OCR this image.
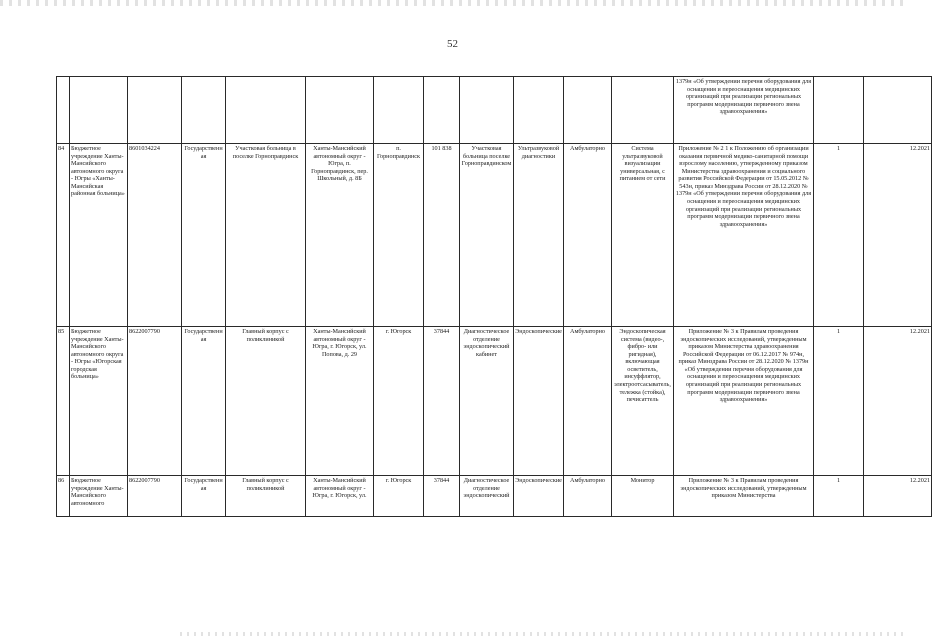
52
												1379н «Об утверждении перечня оборудования для оснащения и переоснащения медицинских организаций при реализации региональных программ модернизации первичного звена здравоохранения»		
84	Бюджетное учреждение Ханты-Мансийского автономного округа - Югры «Ханты-Мансийская районная больница»	8601034224	Государственная	Участковая больница в поселке Горноправдинск	Ханты-Мансийский автономный округ - Югра, п. Горноправдинск, пер. Школьный, д. 8Б	п. Горноправдинск	101 838	Участковая больница поселке Горноправдинском	Ультразвуковой диагностики	Амбулаторно	Система ультразвуковой визуализации универсальная, с питанием от сети	Приложение № 2 1 к Положению об организации оказания первичной медико-санитарной помощи взрослому населению, утвержденному приказом Министерства здравоохранения и социального развития Российской Федерации от 15.05.2012 № 543н, приказ Минздрава России от 28.12.2020 № 1379н «Об утверждении перечня оборудования для оснащения и переоснащения медицинских организаций при реализации региональных программ модернизации первичного звена здравоохранения»	1	12.2021
85	Бюджетное учреждение Ханты-Мансийского автономного округа - Югры «Югорская городская больница»	8622007790	Государственная	Главный корпус с поликлиникой	Ханты-Мансийский автономный округ - Югра, г. Югорск, ул. Попова, д. 29	г. Югорск	37844	Диагностическое отделение эндоскопический кабинет	Эндоскопические	Амбулаторно	Эндоскопическая система (видео-, фибро- или ригидная), включающая осветитель, инсуффлятор, электроотсасыватель, тележка (стойка), печисаттель	Приложение № 3 к Правилам проведения эндоскопических исследований, утвержденным приказом Министерства здравоохранения Российской Федерации от 06.12.2017 № 974н, приказ Минздрава России от 28.12.2020 № 1379н «Об утверждении перечня оборудования для оснащения и переоснащения медицинских организаций при реализации региональных программ модернизации первичного звена здравоохранения»	1	12.2021

86	Бюджетное учреждение Ханты-Мансийского автономного	8622007790	Государственная	Главный корпус с поликлиникой	Ханты-Мансийский автономный округ - Югра, г. Югорск, ул.	г. Югорск	37844	Диагностическое отделение эндоскопический	Эндоскопические	Амбулаторно	Монитор	Приложение № 3 к Правилам проведения эндоскопических исследований, утвержденным приказом Министерства	1	12.2021
